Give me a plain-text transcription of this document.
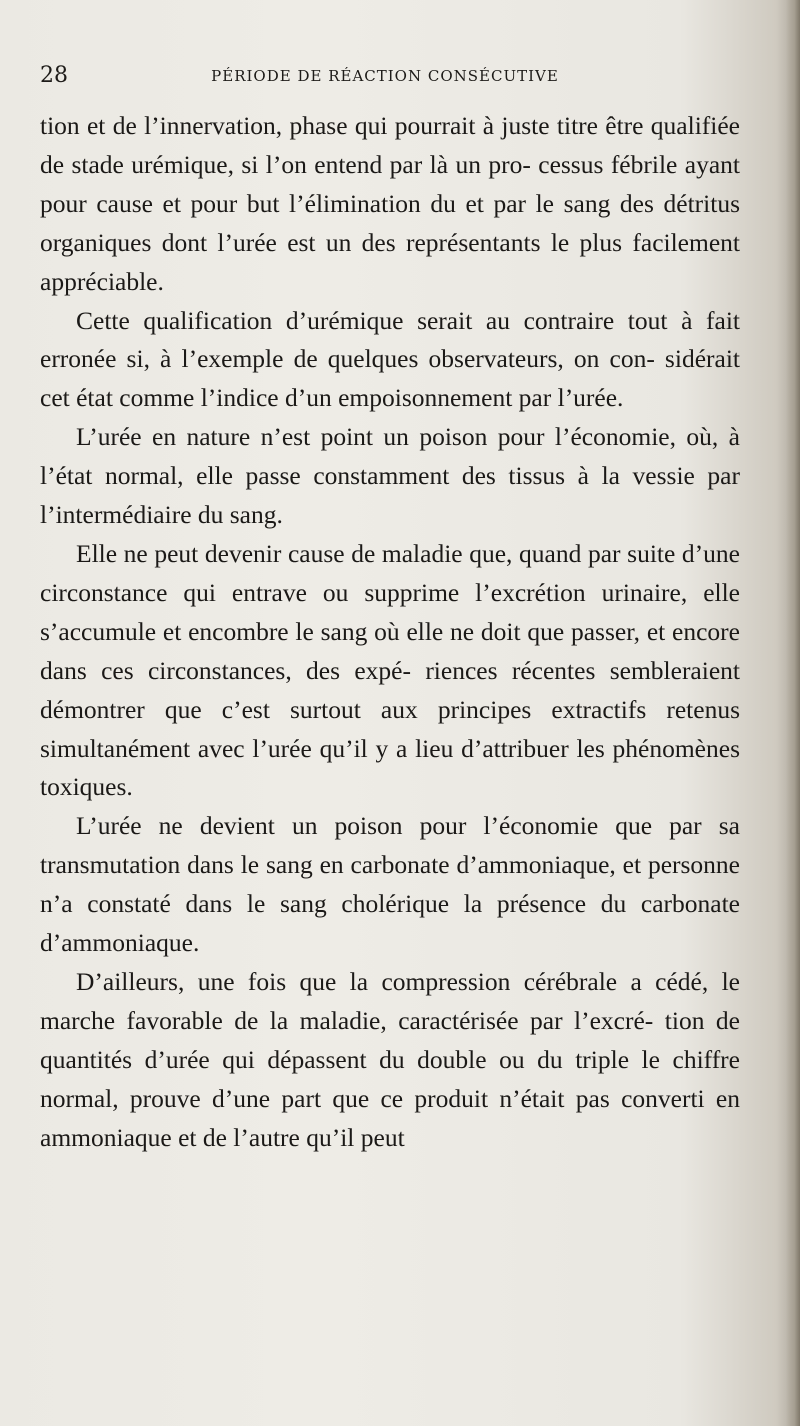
28	PÉRIODE DE RÉACTION CONSÉCUTIVE

tion et de l’innervation, phase qui pourrait à juste titre être qualifiée de stade urémique, si l’on entend par là un pro- cessus fébrile ayant pour cause et pour but l’élimination du et par le sang des détritus organiques dont l’urée est un des représentants le plus facilement appréciable.

Cette qualification d’urémique serait au contraire tout à fait erronée si, à l’exemple de quelques observateurs, on con- sidérait cet état comme l’indice d’un empoisonnement par l’urée.

L’urée en nature n’est point un poison pour l’économie, où, à l’état normal, elle passe constamment des tissus à la vessie par l’intermédiaire du sang.

Elle ne peut devenir cause de maladie que, quand par suite d’une circonstance qui entrave ou supprime l’excrétion urinaire, elle s’accumule et encombre le sang où elle ne doit que passer, et encore dans ces circonstances, des expé- riences récentes sembleraient démontrer que c’est surtout aux principes extractifs retenus simultanément avec l’urée qu’il y a lieu d’attribuer les phénomènes toxiques.

L’urée ne devient un poison pour l’économie que par sa transmutation dans le sang en carbonate d’ammoniaque, et personne n’a constaté dans le sang cholérique la présence du carbonate d’ammoniaque.

D’ailleurs, une fois que la compression cérébrale a cédé, le marche favorable de la maladie, caractérisée par l’excré- tion de quantités d’urée qui dépassent du double ou du triple le chiffre normal, prouve d’une part que ce produit n’était pas converti en ammoniaque et de l’autre qu’il peut
